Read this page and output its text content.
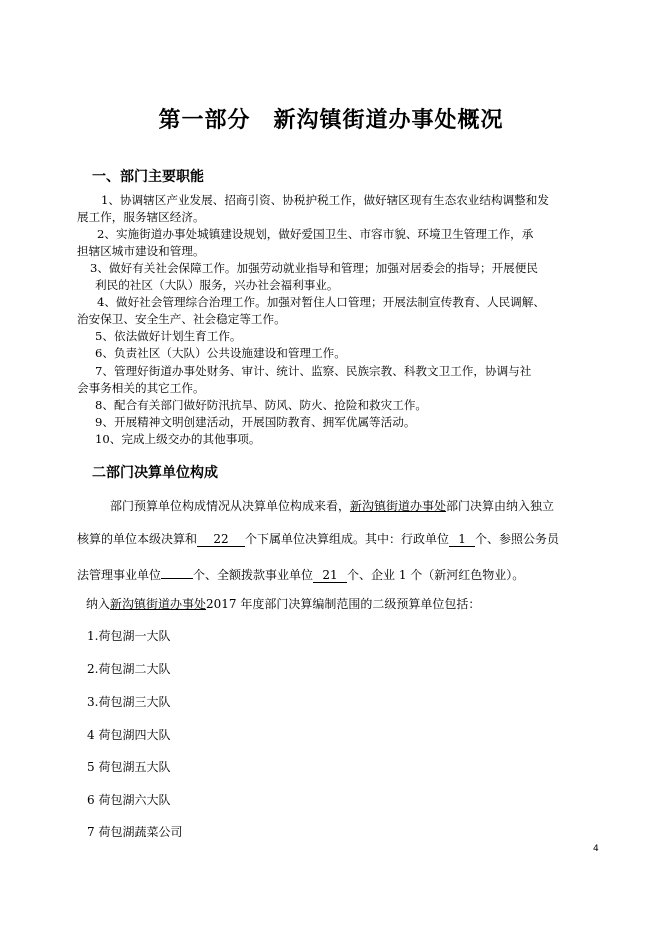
第一部分　新沟镇街道办事处概况
一、部门主要职能
1、协调辖区产业发展、招商引资、协税护税工作，做好辖区现有生态农业结构调整和发
展工作，服务辖区经济。
2、实施街道办事处城镇建设规划，做好爱国卫生、市容市貌、环境卫生管理工作，承
担辖区城市建设和管理。
3、做好有关社会保障工作。加强劳动就业指导和管理；加强对居委会的指导；开展便民
利民的社区（大队）服务，兴办社会福利事业。
4、做好社会管理综合治理工作。加强对暂住人口管理；开展法制宣传教育、人民调解、
治安保卫、安全生产、社会稳定等工作。
5、依法做好计划生育工作。
6、负责社区（大队）公共设施建设和管理工作。
7、管理好街道办事处财务、审计、统计、监察、民族宗教、科教文卫工作，协调与社
会事务相关的其它工作。
8、配合有关部门做好防汛抗旱、防风、防火、抢险和救灾工作。
9、开展精神文明创建活动，开展国防教育、拥军优属等活动。
10、完成上级交办的其他事项。
二部门决算单位构成
部门预算单位构成情况从决算单位构成来看，新沟镇街道办事处部门决算由纳入独立
核算的单位本级决算和 22 个下属单位决算组成。其中：行政单位 1 个、参照公务员
法管理事业单位	个、全额拨款事业单位 21 个、企业 1 个（新河红色物业）。
纳入新沟镇街道办事处2017 年度部门决算编制范围的二级预算单位包括：
1.荷包湖一大队
2.荷包湖二大队
3.荷包湖三大队
4 荷包湖四大队
5 荷包湖五大队
6 荷包湖六大队
7 荷包湖蔬菜公司
4
